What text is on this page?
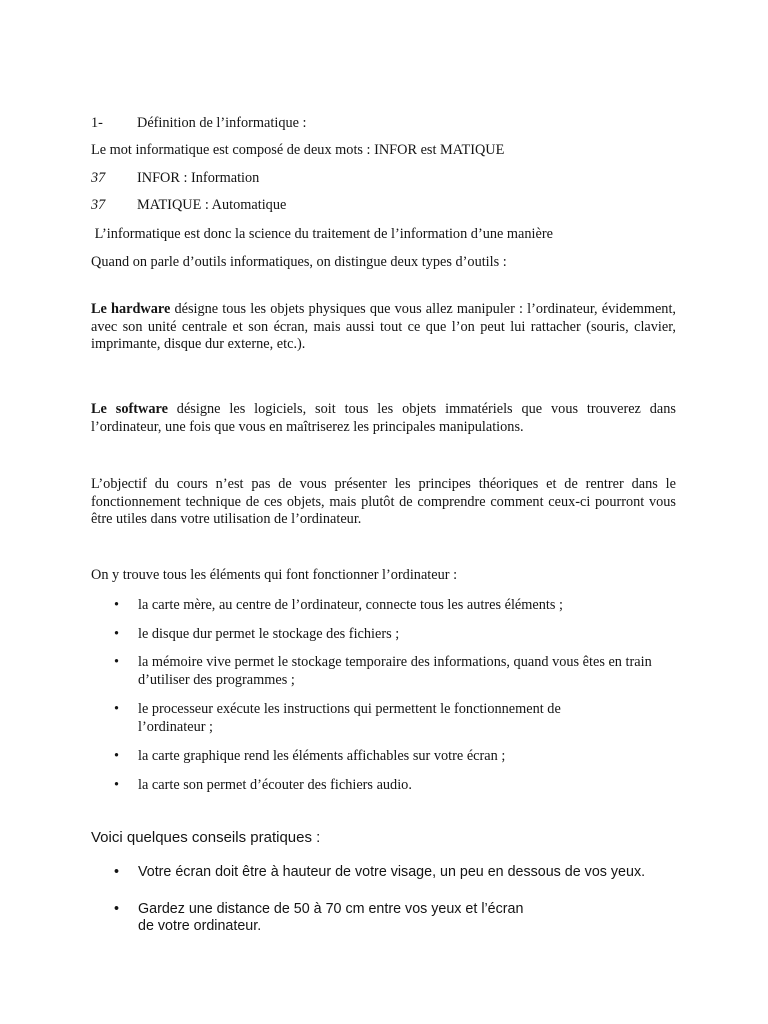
1-	Définition de l’informatique :

Le mot informatique est composé de deux mots : INFOR est MATIQUE

37	INFOR : Information
37	MATIQUE : Automatique

L’informatique est donc la science du traitement de l’information d’une manière

Quand on parle d’outils informatiques, on distingue deux types d’outils :

Le hardware désigne tous les objets physiques que vous allez manipuler : l’ordinateur, évidemment, avec son unité centrale et son écran, mais aussi tout ce que l’on peut lui rattacher (souris, clavier, imprimante, disque dur externe, etc.).

Le software désigne les logiciels, soit tous les objets immatériels que vous trouverez dans l’ordinateur, une fois que vous en maîtriserez les principales manipulations.

L’objectif du cours n’est pas de vous présenter les principes théoriques et de rentrer dans le fonctionnement technique de ces objets, mais plutôt de comprendre comment ceux-ci pourront vous être utiles dans votre utilisation de l’ordinateur.

On y trouve tous les éléments qui font fonctionner l’ordinateur :

• la carte mère, au centre de l’ordinateur, connecte tous les autres éléments ;
• le disque dur permet le stockage des fichiers ;
• la mémoire vive permet le stockage temporaire des informations, quand vous êtes en train d’utiliser des programmes ;
• le processeur exécute les instructions qui permettent le fonctionnement de l’ordinateur ;
• la carte graphique rend les éléments affichables sur votre écran ;
• la carte son permet d’écouter des fichiers audio.

Voici quelques conseils pratiques :

• Votre écran doit être à hauteur de votre visage, un peu en dessous de vos yeux.
• Gardez une distance de 50 à 70 cm entre vos yeux et l’écran de votre ordinateur.
